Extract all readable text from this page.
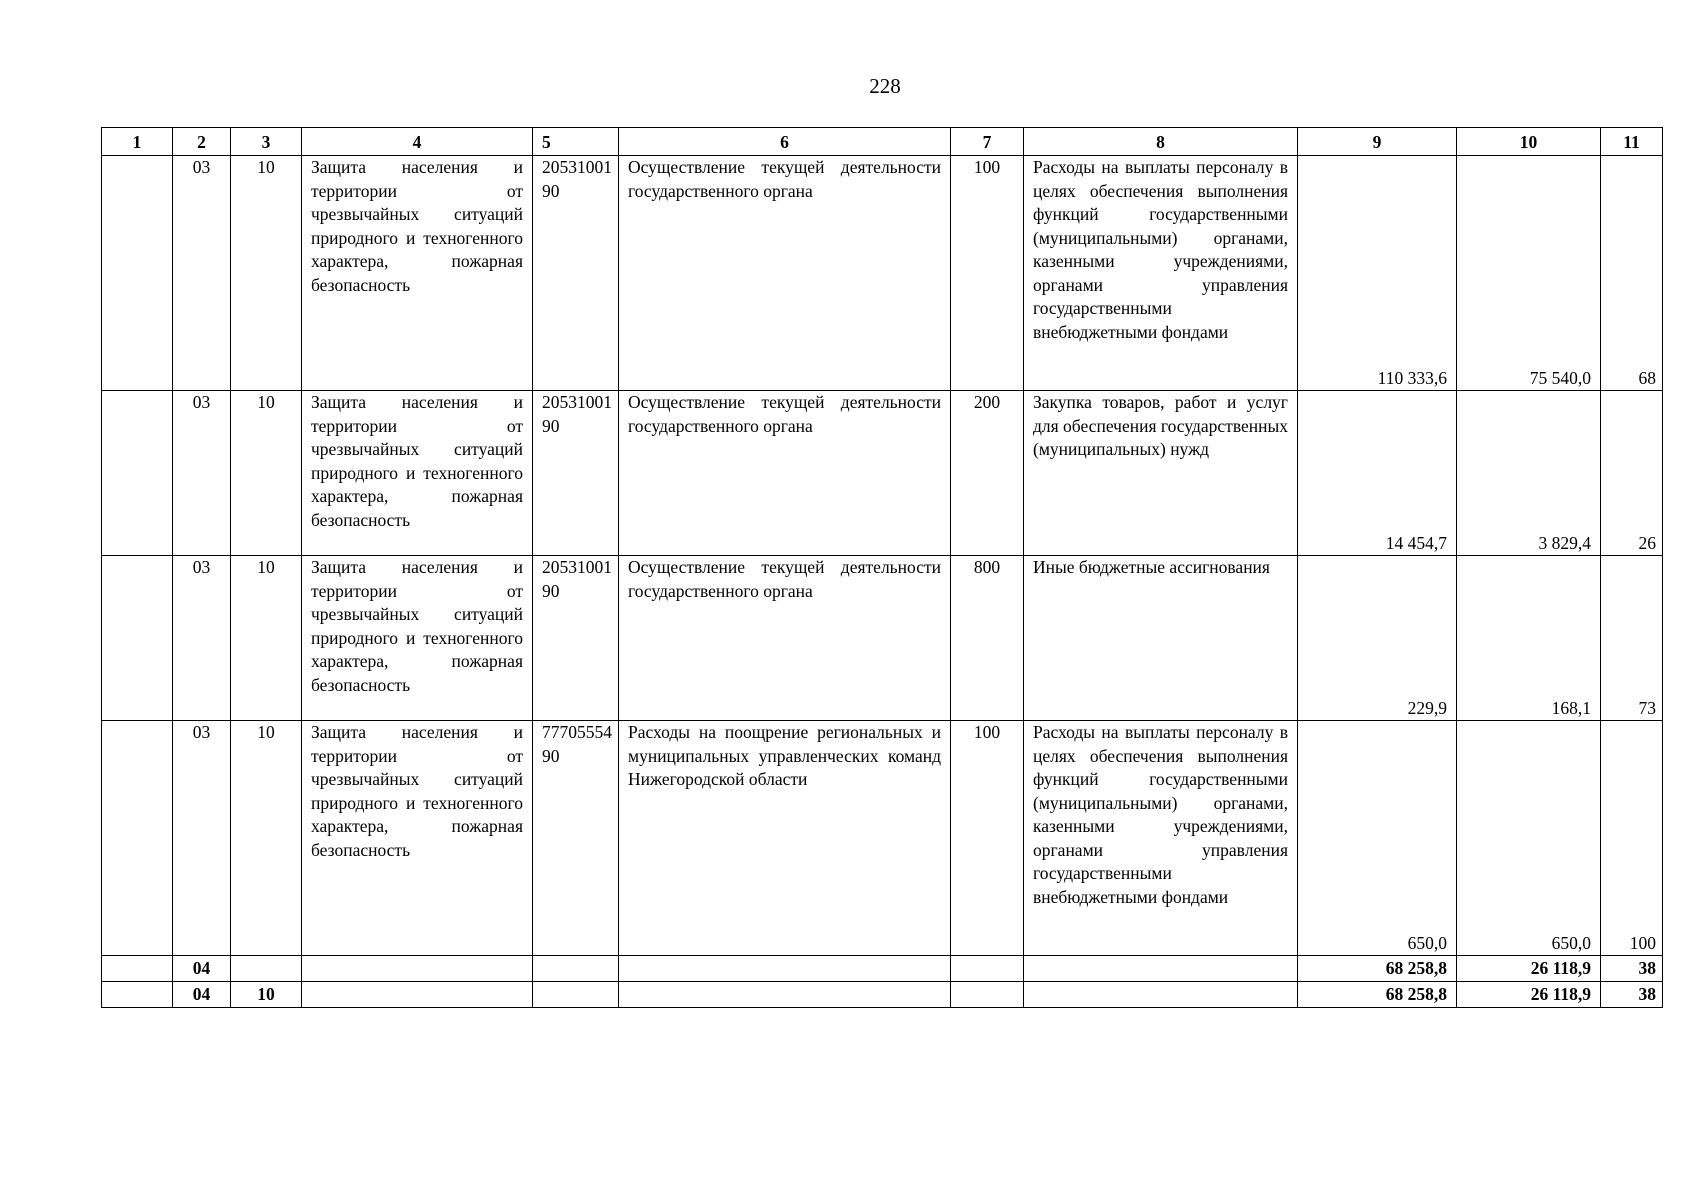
228
1	2	3	4	5	6	7	8	9	10	11
	03	10	Защита населения и территории от чрезвычайных ситуаций природного и техногенного характера, пожарная безопасность	2053100190	Осуществление текущей деятельности государственного органа	100	Расходы на выплаты персоналу в целях обеспечения выполнения функций государственными (муниципальными) органами, казенными учреждениями, органами управления государственными внебюджетными фондами	110 333,6	75 540,0	68
	03	10	Защита населения и территории от чрезвычайных ситуаций природного и техногенного характера, пожарная безопасность	2053100190	Осуществление текущей деятельности государственного органа	200	Закупка товаров, работ и услуг для обеспечения государственных (муниципальных) нужд	14 454,7	3 829,4	26
	03	10	Защита населения и территории от чрезвычайных ситуаций природного и техногенного характера, пожарная безопасность	2053100190	Осуществление текущей деятельности государственного органа	800	Иные бюджетные ассигнования	229,9	168,1	73
	03	10	Защита населения и территории от чрезвычайных ситуаций природного и техногенного характера, пожарная безопасность	7770555490	Расходы на поощрение региональных и муниципальных управленческих команд Нижегородской области	100	Расходы на выплаты персоналу в целях обеспечения выполнения функций государственными (муниципальными) органами, казенными учреждениями, органами управления государственными внебюджетными фондами	650,0	650,0	100
	04							68 258,8	26 118,9	38
	04	10						68 258,8	26 118,9	38
